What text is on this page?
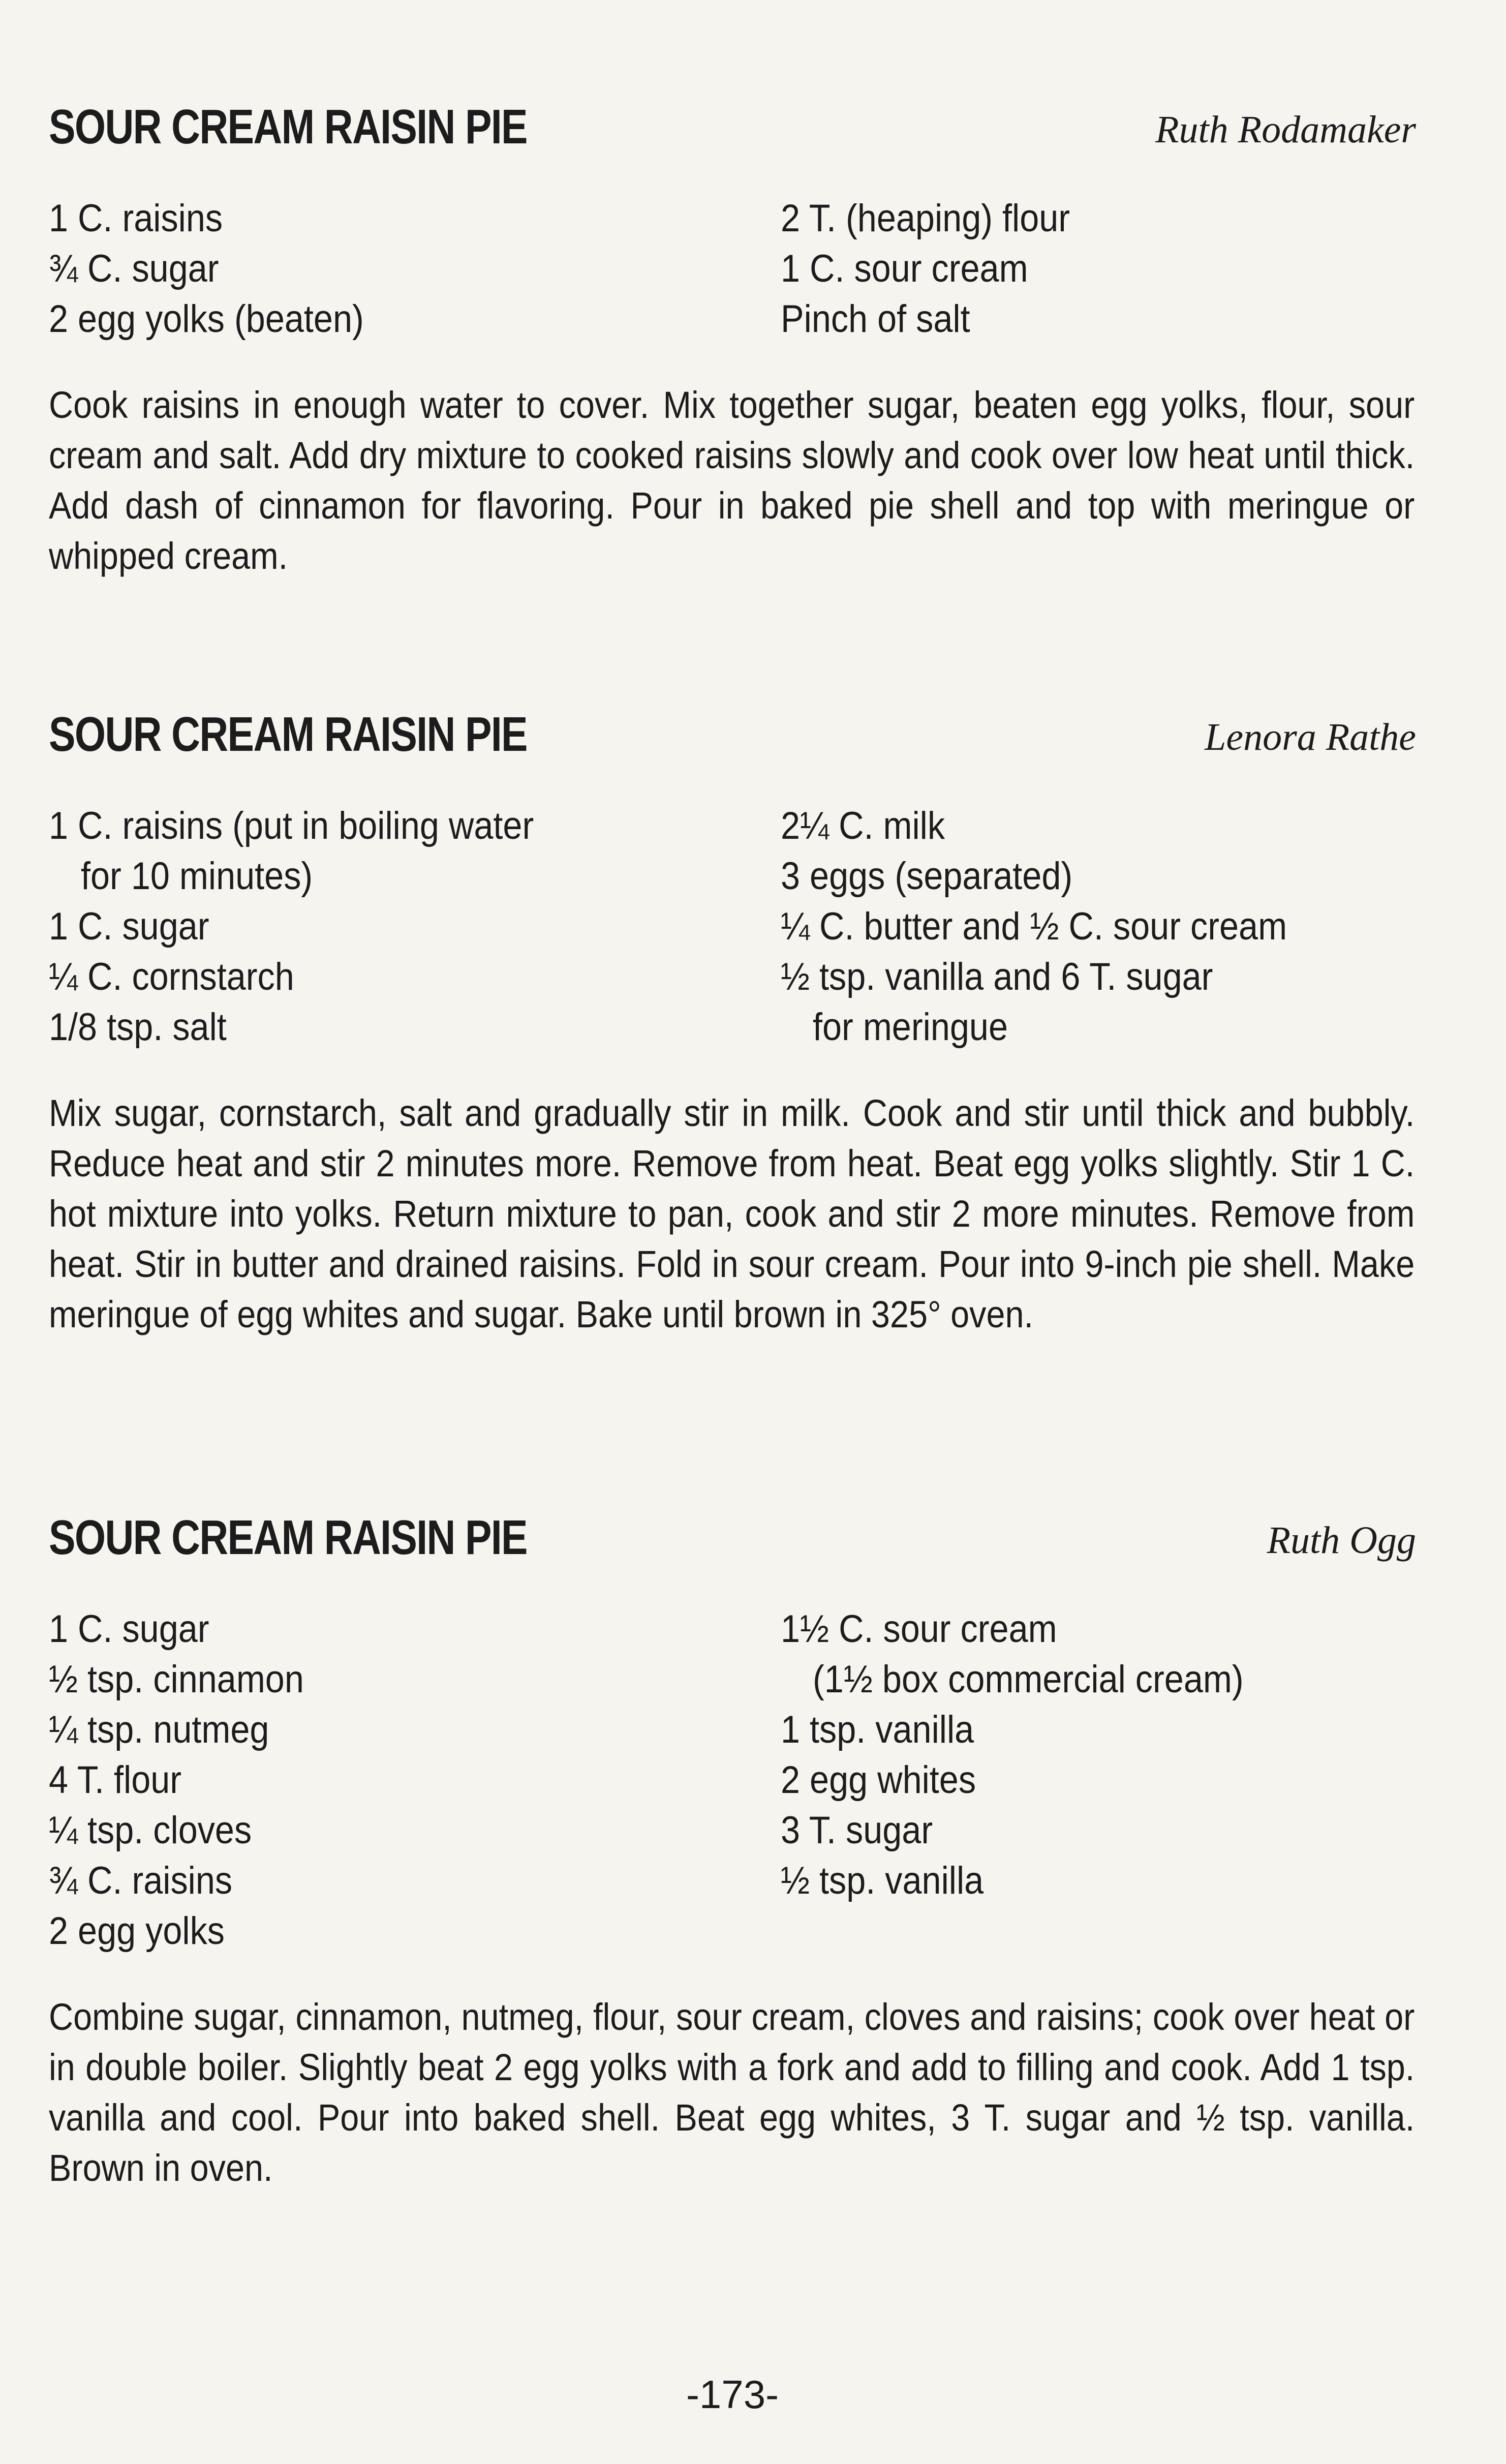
SOUR CREAM RAISIN PIE	Ruth Rodamaker
1 C. raisins
¾ C. sugar
2 egg yolks (beaten)
2 T. (heaping) flour
1 C. sour cream
Pinch of salt

Cook raisins in enough water to cover. Mix together sugar, beaten egg yolks, flour, sour cream and salt. Add dry mixture to cooked raisins slowly and cook over low heat until thick. Add dash of cinnamon for flavoring. Pour in baked pie shell and top with meringue or whipped cream.

SOUR CREAM RAISIN PIE	Lenora Rathe
1 C. raisins (put in boiling water
for 10 minutes)
1 C. sugar
¼ C. cornstarch
1/8 tsp. salt
2¼ C. milk
3 eggs (separated)
¼ C. butter and ½ C. sour cream
½ tsp. vanilla and 6 T. sugar
for meringue

Mix sugar, cornstarch, salt and gradually stir in milk. Cook and stir until thick and bubbly. Reduce heat and stir 2 minutes more. Remove from heat. Beat egg yolks slightly. Stir 1 C. hot mixture into yolks. Return mixture to pan, cook and stir 2 more minutes. Remove from heat. Stir in butter and drained raisins. Fold in sour cream. Pour into 9-inch pie shell. Make meringue of egg whites and sugar. Bake until brown in 325° oven.

SOUR CREAM RAISIN PIE	Ruth Ogg
1 C. sugar
½ tsp. cinnamon
¼ tsp. nutmeg
4 T. flour
¼ tsp. cloves
¾ C. raisins
2 egg yolks
1½ C. sour cream
(1½ box commercial cream)
1 tsp. vanilla
2 egg whites
3 T. sugar
½ tsp. vanilla

Combine sugar, cinnamon, nutmeg, flour, sour cream, cloves and raisins; cook over heat or in double boiler. Slightly beat 2 egg yolks with a fork and add to filling and cook. Add 1 tsp. vanilla and cool. Pour into baked shell. Beat egg whites, 3 T. sugar and ½ tsp. vanilla. Brown in oven.

-173-
